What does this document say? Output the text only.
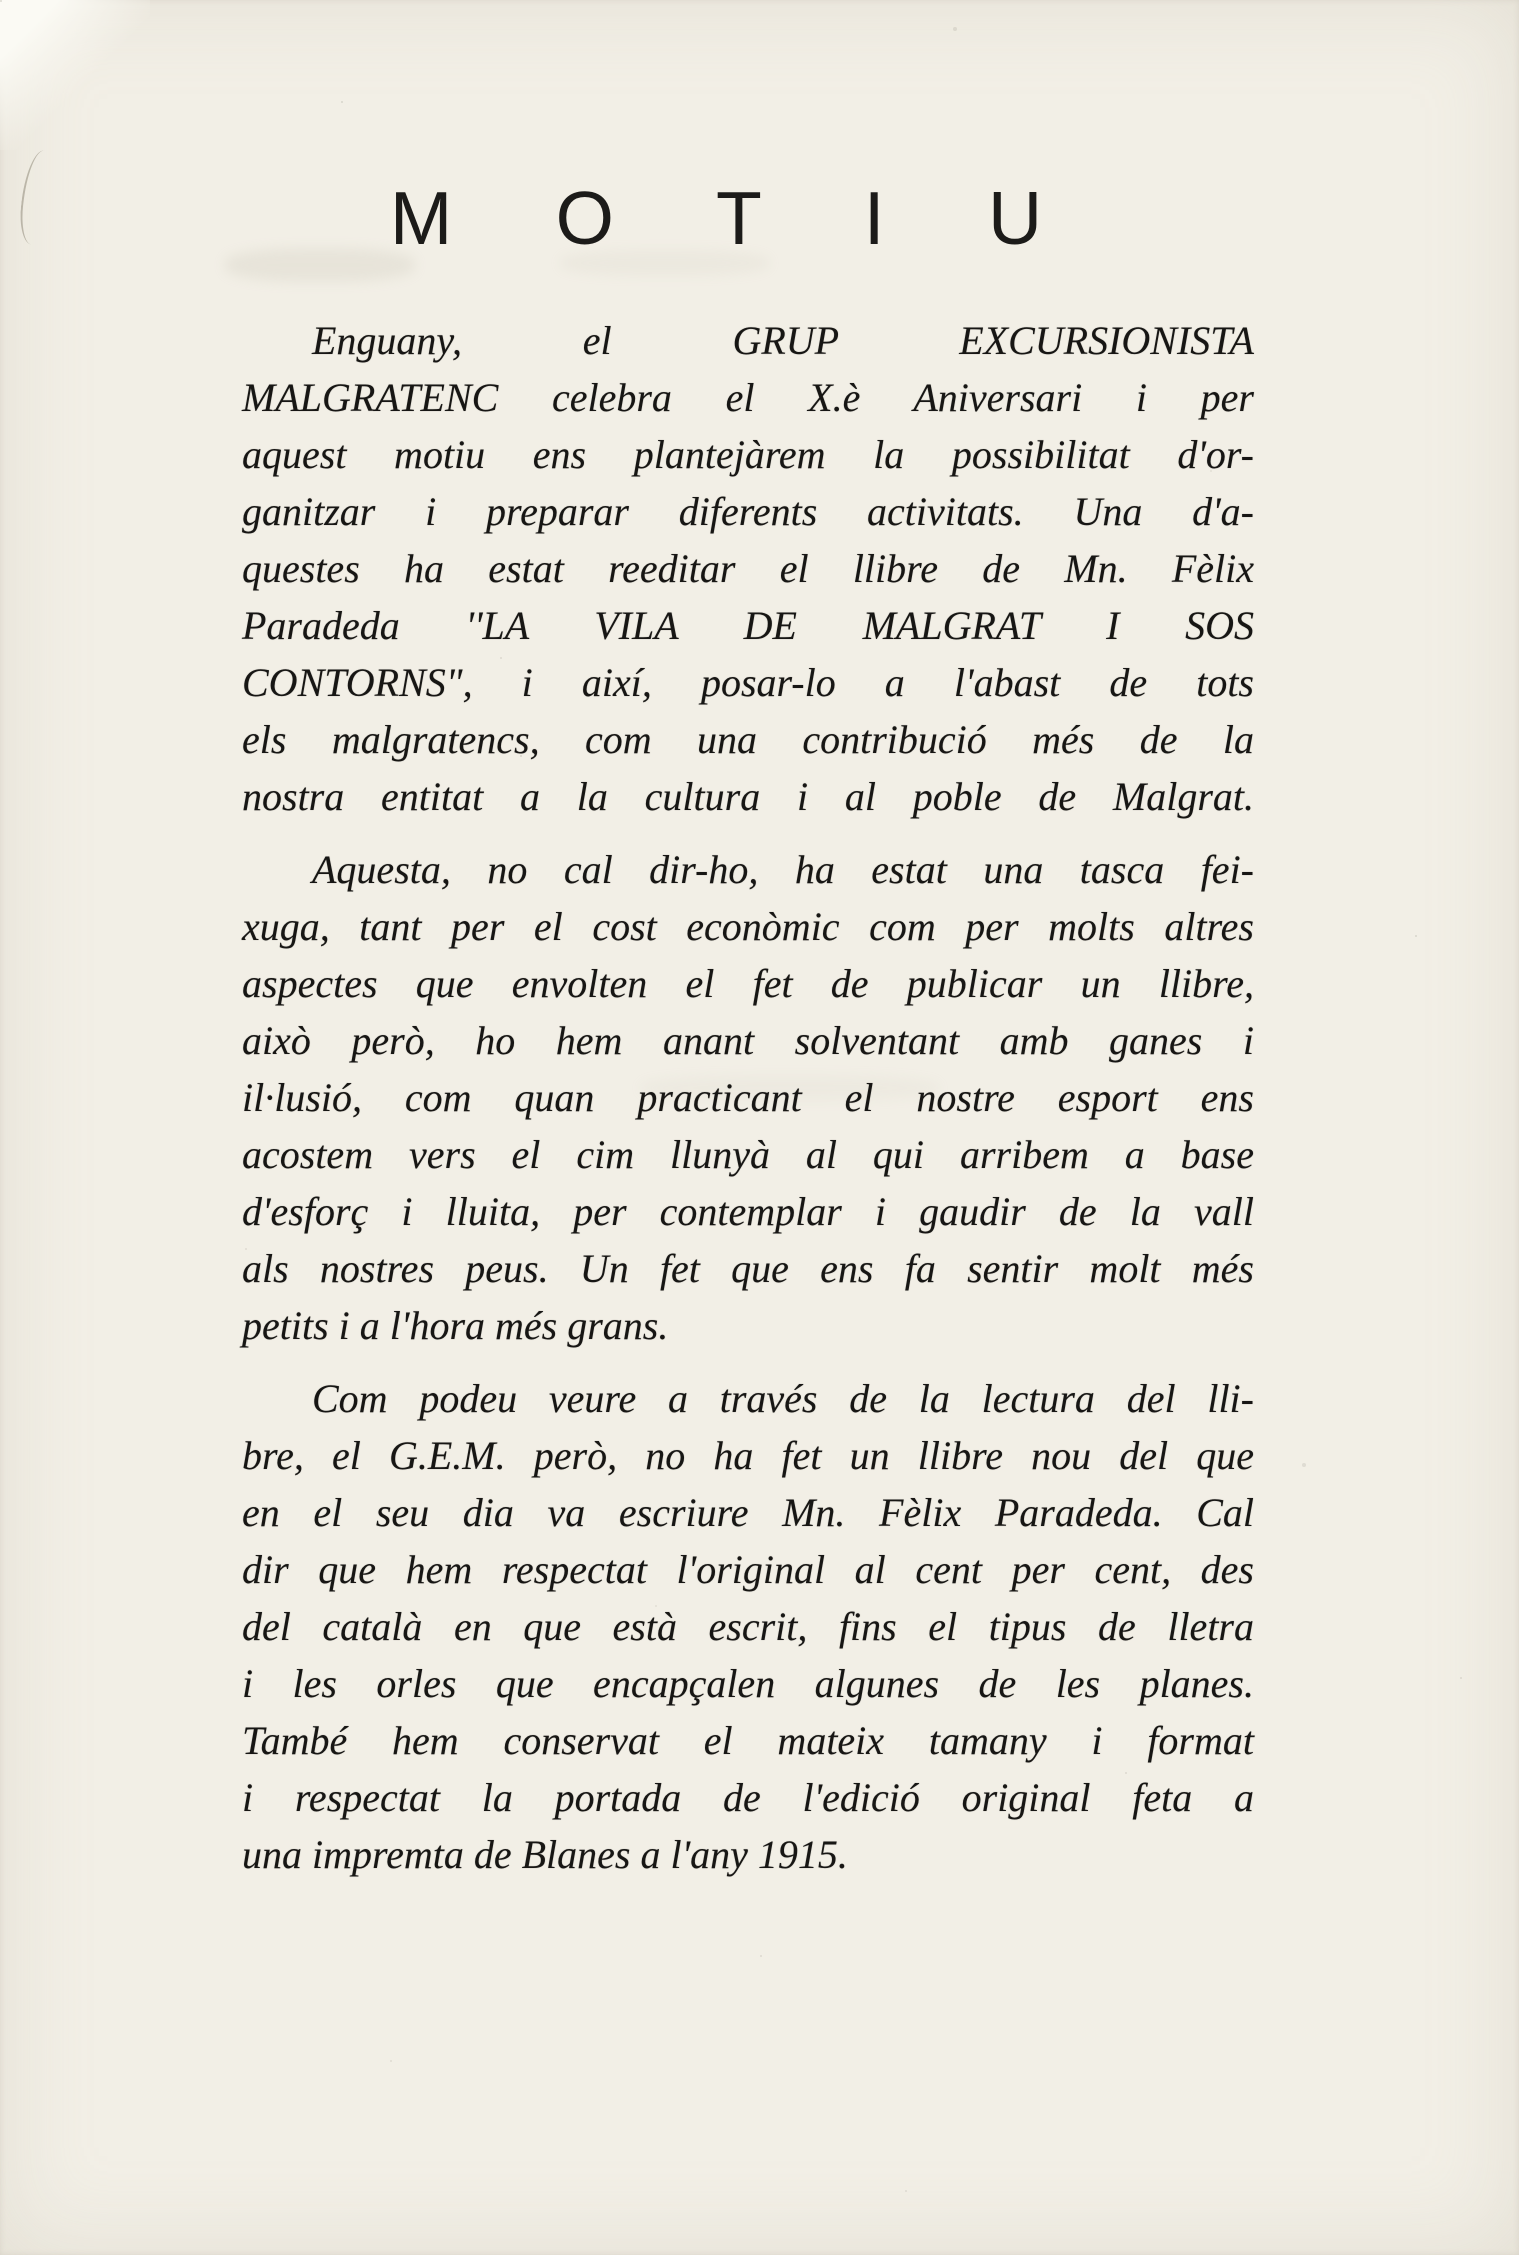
M O T I U
Enguany, el GRUP EXCURSIONISTA
MALGRATENC celebra el X.è Aniversari i per
aquest motiu ens plantejàrem la possibilitat d'or-
ganitzar i preparar diferents activitats. Una d'a-
questes ha estat reeditar el llibre de Mn. Fèlix
Paradeda ''LA VILA DE MALGRAT I SOS
CONTORNS", i així, posar-lo a l'abast de tots
els malgratencs, com una contribució més de la
nostra entitat a la cultura i al poble de Malgrat.
Aquesta, no cal dir-ho, ha estat una tasca fei-
xuga, tant per el cost econòmic com per molts altres
aspectes que envolten el fet de publicar un llibre,
això però, ho hem anant solventant amb ganes i
il·lusió, com quan practicant el nostre esport ens
acostem vers el cim llunyà al qui arribem a base
d'esforç i lluita, per contemplar i gaudir de la vall
als nostres peus. Un fet que ens fa sentir molt més
petits i a l'hora més grans.
Com podeu veure a través de la lectura del lli-
bre, el G.E.M. però, no ha fet un llibre nou del que
en el seu dia va escriure Mn. Fèlix Paradeda. Cal
dir que hem respectat l'original al cent per cent, des
del català en que està escrit, fins el tipus de lletra
i les orles que encapçalen algunes de les planes.
També hem conservat el mateix tamany i format
i respectat la portada de l'edició original feta a
una impremta de Blanes a l'any 1915.
